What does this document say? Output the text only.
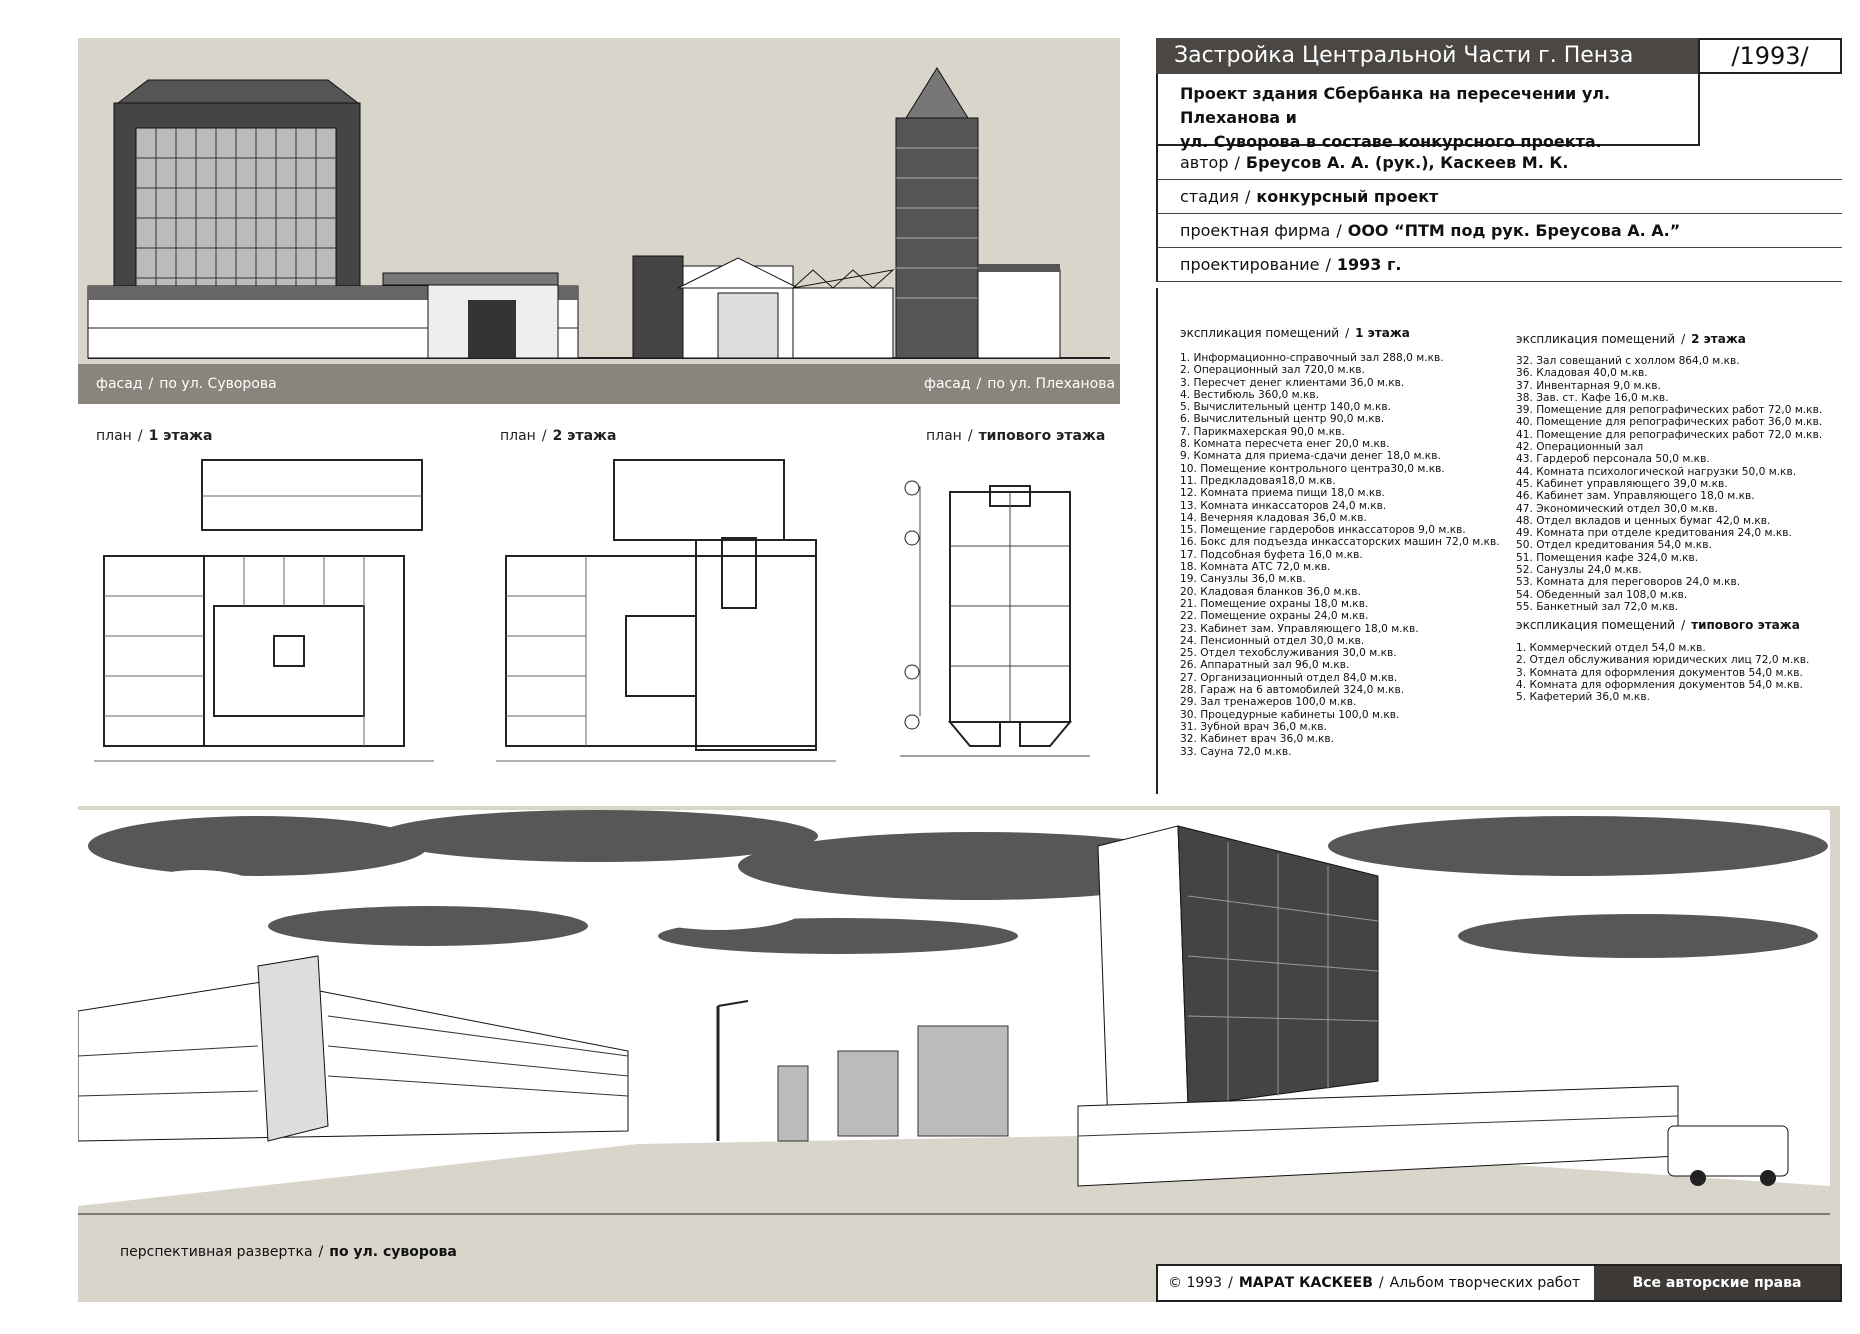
фасад / по ул. Суворова	фасад / по ул. Плеханова
план / 1 этажа	план / 2 этажа	план / типового этажа
Застройка Центральной Части г. Пенза	/1993/
Проект здания Сбербанка на пересечении ул. Плеханова и
ул. Суворова в составе конкурсного проекта.
автор / Бреусов А. А. (рук.), Каскеев М. К.
стадия / конкурсный проект
проектная фирма / ООО “ПТМ под рук. Бреусова А. А.”
проектирование / 1993 г.
экспликация помещений / 1 этажа
1. Информационно-справочный зал 288,0 м.кв.
2. Операционный зал 720,0 м.кв.
3. Пересчет денег клиентами 36,0 м.кв.
4. Вестибюль 360,0 м.кв.
5. Вычислительный центр 140,0 м.кв.
6. Вычислительный центр 90,0 м.кв.
7. Парикмахерская 90,0 м.кв.
8. Комната пересчета енег 20,0 м.кв.
9. Комната для приема-сдачи денег 18,0 м.кв.
10. Помещение контрольного центра30,0 м.кв.
11. Предкладовая18,0 м.кв.
12. Комната приема пищи 18,0 м.кв.
13. Комната инкассаторов 24,0 м.кв.
14. Вечерняя кладовая 36,0 м.кв.
15. Помещение гардеробов инкассаторов 9,0 м.кв.
16. Бокс для подъезда инкассаторских машин 72,0 м.кв.
17. Подсобная буфета 16,0 м.кв.
18. Комната АТС 72,0 м.кв.
19. Санузлы 36,0 м.кв.
20. Кладовая бланков 36,0 м.кв.
21. Помещение охраны 18,0 м.кв.
22. Помещение охраны 24,0 м.кв.
23. Кабинет зам. Управляющего 18,0 м.кв.
24. Пенсионный отдел 30,0 м.кв.
25. Отдел техобслуживания 30,0 м.кв.
26. Аппаратный зал 96,0 м.кв.
27. Организационный отдел 84,0 м.кв.
28. Гараж на 6 автомобилей 324,0 м.кв.
29. Зал тренажеров 100,0 м.кв.
30. Процедурные кабинеты 100,0 м.кв.
31. Зубной врач 36,0 м.кв.
32. Кабинет врач 36,0 м.кв.
33. Сауна 72,0 м.кв.
экспликация помещений / 2 этажа
32. Зал совещаний с холлом 864,0 м.кв.
36. Кладовая 40,0 м.кв.
37. Инвентарная 9,0 м.кв.
38. Зав. ст. Кафе 16,0 м.кв.
39. Помещение для репографических работ 72,0 м.кв.
40. Помещение для репографических работ 36,0 м.кв.
41. Помещение для репографических работ 72,0 м.кв.
42. Операционный зал
43. Гардероб персонала 50,0 м.кв.
44. Комната психологической нагрузки 50,0 м.кв.
45. Кабинет управляющего 39,0 м.кв.
46. Кабинет зам. Управляющего 18,0 м.кв.
47. Экономический отдел 30,0 м.кв.
48. Отдел вкладов и ценных бумаг 42,0 м.кв.
49. Комната при отделе кредитования 24,0 м.кв.
50. Отдел кредитования 54,0 м.кв.
51. Помещения кафе 324,0 м.кв.
52. Санузлы 24,0 м.кв.
53. Комната для переговоров 24,0 м.кв.
54. Обеденный зал 108,0 м.кв.
55. Банкетный зал 72,0 м.кв.
экспликация помещений / типового этажа
1. Коммерческий отдел 54,0 м.кв.
2. Отдел обслуживания юридических лиц 72,0 м.кв.
3. Комната для оформления документов 54,0 м.кв.
4. Комната для оформления документов 54,0 м.кв.
5. Кафетерий 36,0 м.кв.
перспективная развертка / по ул. суворова
© 1993 / МАРАТ КАСКЕЕВ / Альбом творческих работ	Все авторские права защищены
